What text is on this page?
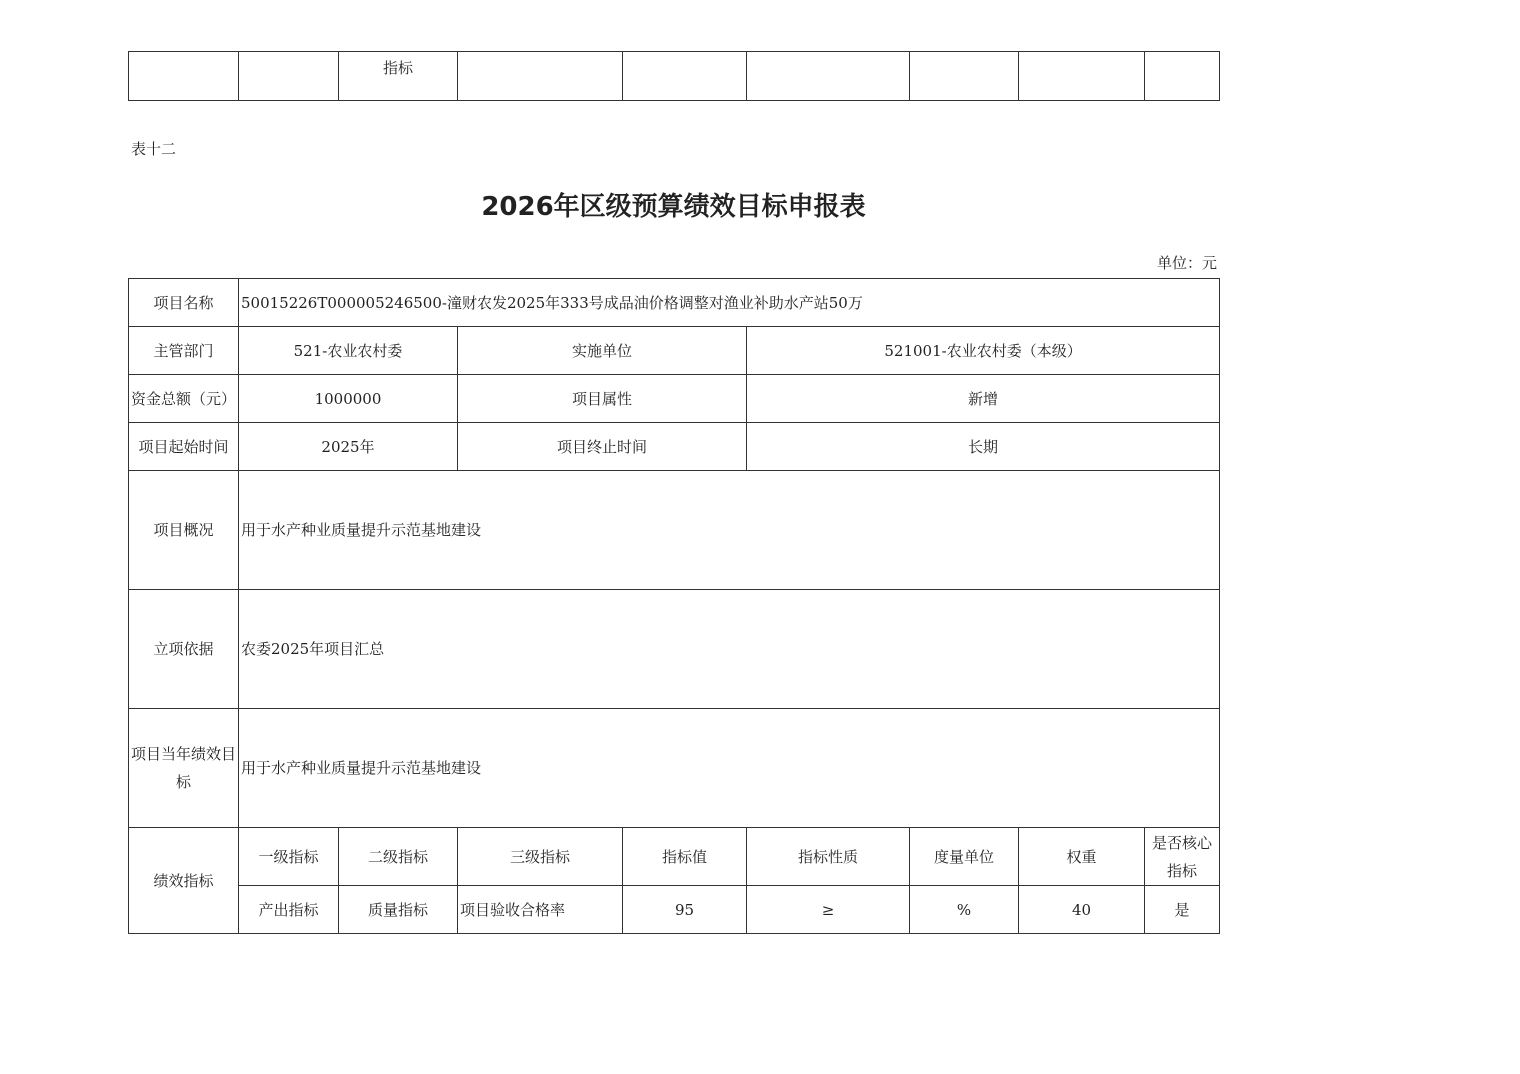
		指标						
表十二
2026年区级预算绩效目标申报表
单位：元
项目名称	50015226T000005246500-潼财农发2025年333号成品油价格调整对渔业补助水产站50万							
主管部门	521-农业农村委		实施单位		521001-农业农村委（本级）			
资金总额（元）	1000000		项目属性		新增			
项目起始时间	2025年		项目终止时间		长期			
项目概况	用于水产种业质量提升示范基地建设							
立项依据	农委2025年项目汇总							
项目当年绩效目标	用于水产种业质量提升示范基地建设							
绩效指标	一级指标	二级指标	三级指标	指标值	指标性质	度量单位	权重	是否核心指标
	产出指标	质量指标	项目验收合格率	95	≥	%	40	是
